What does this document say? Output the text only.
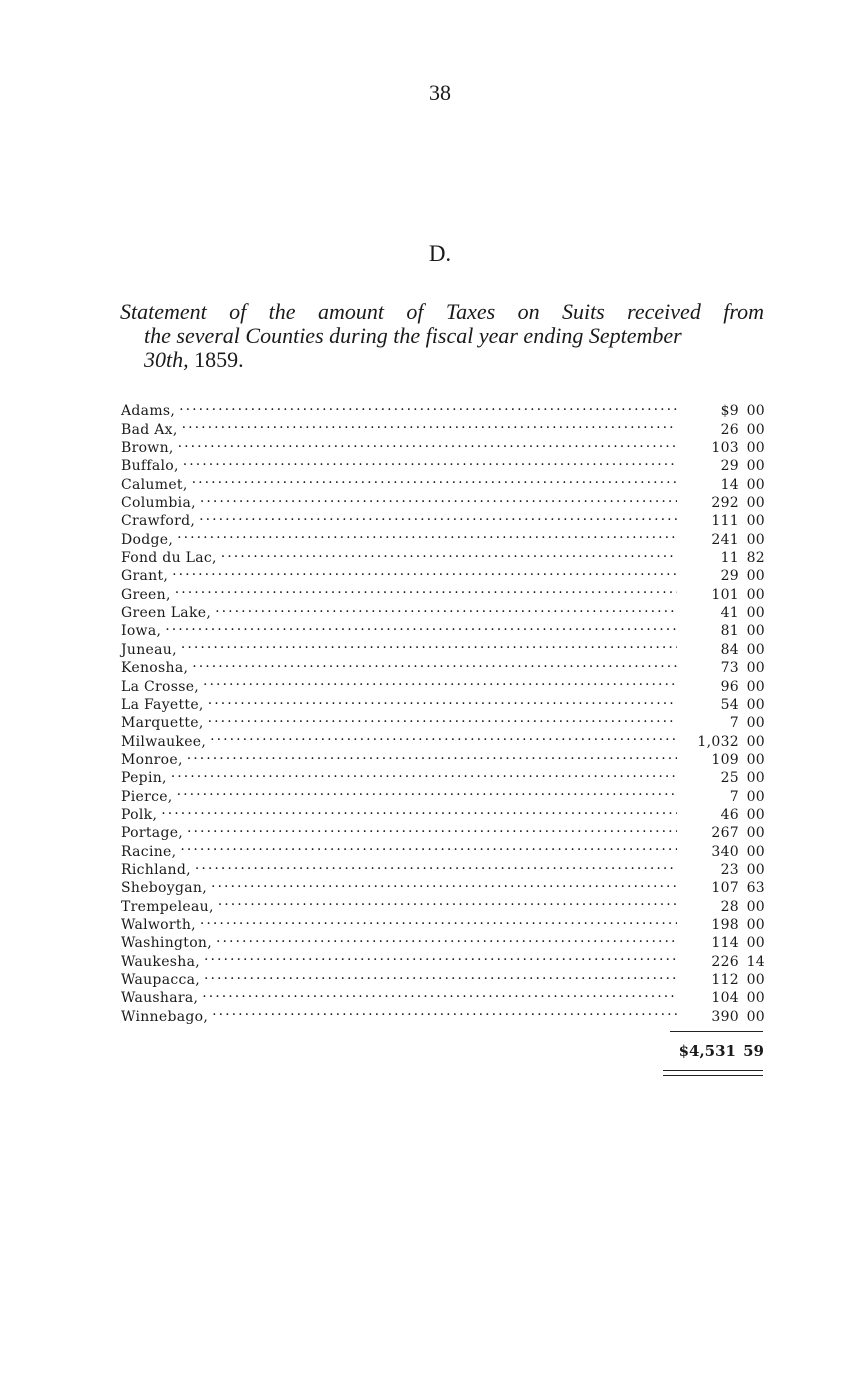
38
D.
Statement of the amount of Taxes on Suits received from
the several Counties during the fiscal year ending September
30th, 1859.
Adams, . . .	$9 00
Bad Ax, . . .	26 00
Brown, . . .	103 00
Buffalo, . . .	29 00
Calumet, . . .	14 00
Columbia, . . .	292 00
Crawford, . . .	111 00
Dodge, . . .	241 00
Fond du Lac, . . .	11 82
Grant, . . .	29 00
Green, . . .	101 00
Green Lake, . . .	41 00
Iowa, . . .	81 00
Juneau, . . .	84 00
Kenosha, . . .	73 00
La Crosse, . . .	96 00
La Fayette, . . .	54 00
Marquette, . . .	7 00
Milwaukee, . . .	1,032 00
Monroe, . . .	109 00
Pepin, . . .	25 00
Pierce, . . .	7 00
Polk, . . .	46 00
Portage, . . .	267 00
Racine, . . .	340 00
Richland, . . .	23 00
Sheboygan, . . .	107 63
Trempeleau, . . .	28 00
Walworth, . . .	198 00
Washington, . . .	114 00
Waukesha, . . .	226 14
Waupacca, . . .	112 00
Waushara, . . .	104 00
Winnebago, . . .	390 00
$4,531 59
